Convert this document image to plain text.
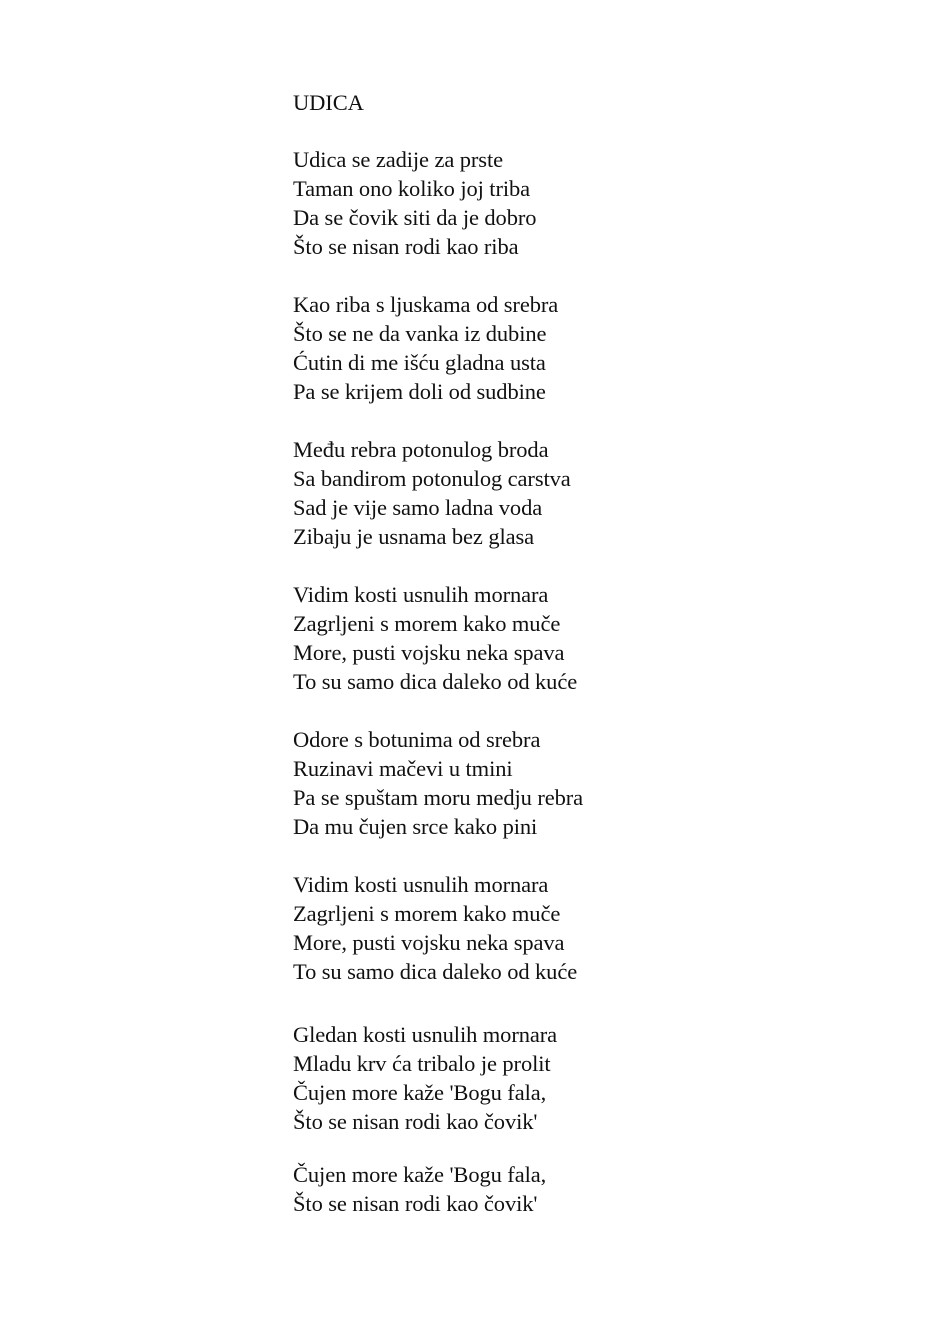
UDICA
Udica se zadije za prste
Taman ono koliko joj triba
Da se čovik siti da je dobro
Što se nisan rodi kao riba
Kao riba s ljuskama od srebra
Što se ne da vanka iz dubine
Ćutin di me išću gladna usta
Pa se krijem doli od sudbine
Među rebra potonulog broda
Sa bandirom potonulog carstva
Sad je vije samo ladna voda
Zibaju je usnama bez glasa
Vidim kosti usnulih mornara
Zagrljeni s morem kako muče
More, pusti vojsku neka spava
To su samo dica daleko od kuće
Odore s botunima od srebra
Ruzinavi mačevi u tmini
Pa se spuštam moru medju rebra
Da mu čujen srce kako pini
Vidim kosti usnulih mornara
Zagrljeni s morem kako muče
More, pusti vojsku neka spava
To su samo dica daleko od kuće
Gledan kosti usnulih mornara
Mladu krv ća tribalo je prolit
Čujen more kaže 'Bogu fala,
Što se nisan rodi kao čovik'
Čujen more kaže 'Bogu fala,
Što se nisan rodi kao čovik'
